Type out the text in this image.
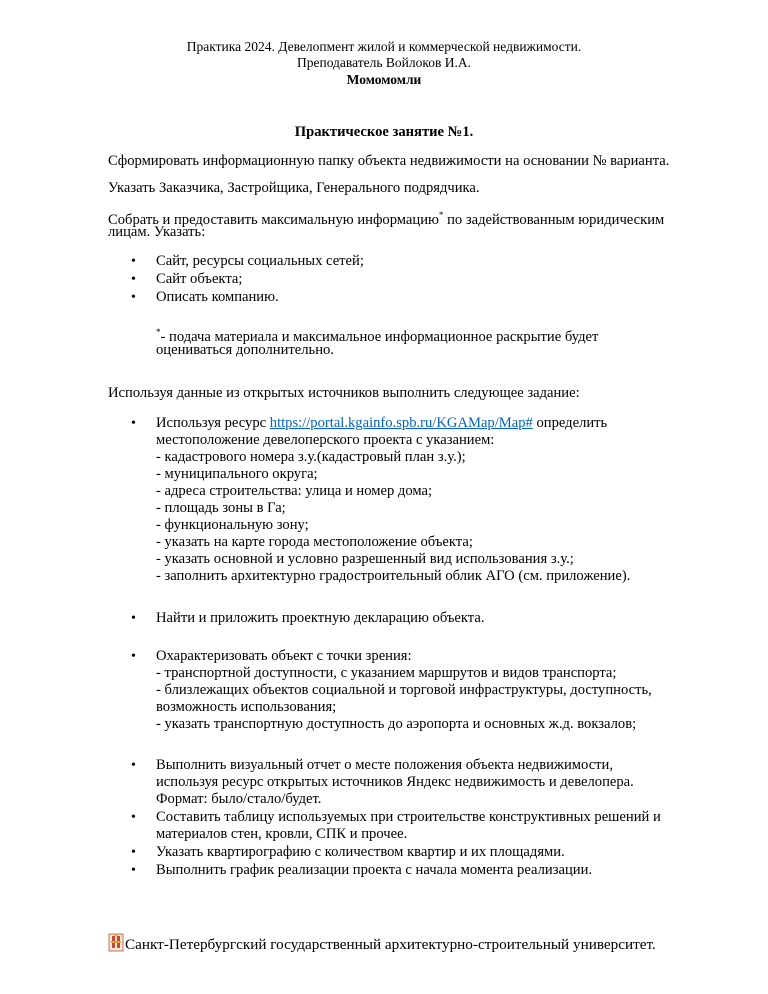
Практика 2024. Девелопмент жилой и коммерческой недвижимости.
Преподаватель Войлоков И.А.
Момомомли
Практическое занятие №1.
Сформировать информационную папку объекта недвижимости на основании № варианта.
Указать Заказчика, Застройщика, Генерального подрядчика.
Собрать и предоставить максимальную информацию* по задействованным юридическим
лицам. Указать:
• Сайт, ресурсы социальных сетей;
• Сайт объекта;
• Описать компанию.
*- подача материала и максимальное информационное раскрытие будет
оцениваться дополнительно.
Используя данные из открытых источников выполнить следующее задание:
• Используя ресурс https://portal.kgainfo.spb.ru/KGAMap/Map# определить
местоположение девелоперского проекта с указанием:
- кадастрового номера з.у.(кадастровый план з.у.);
- муниципального округа;
- адреса строительства: улица и номер дома;
- площадь зоны в Га;
- функциональную зону;
- указать на карте города местоположение объекта;
- указать основной и условно разрешенный вид использования з.у.;
- заполнить архитектурно градостроительный облик АГО (см. приложение).
• Найти и приложить проектную декларацию объекта.
• Охарактеризовать объект с точки зрения:
- транспортной доступности, с указанием маршрутов и видов транспорта;
- близлежащих объектов социальной и торговой инфраструктуры, доступность,
возможность использования;
- указать транспортную доступность до аэропорта и основных ж.д. вокзалов;
• Выполнить визуальный отчет о месте положения объекта недвижимости,
используя ресурс открытых источников Яндекс недвижимость и девелопера.
Формат: было/стало/будет.
• Составить таблицу используемых при строительстве конструктивных решений и
материалов стен, кровли, СПК и прочее.
• Указать квартирографию с количеством квартир и их площадями.
• Выполнить график реализации проекта с начала момента реализации.
Санкт-Петербургский государственный архитектурно-строительный университет.
